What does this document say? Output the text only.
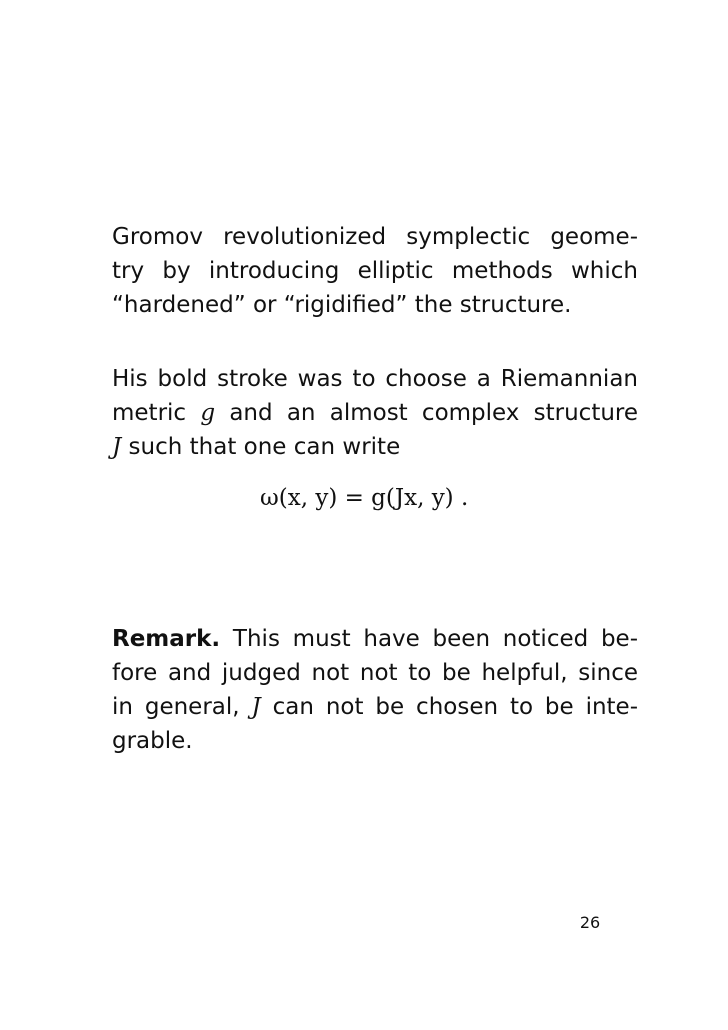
Gromov revolutionized symplectic geome-
try by introducing elliptic methods which
“hardened” or “rigidified” the structure.
His bold stroke was to choose a Riemannian
metric g and an almost complex structure
J such that one can write
ω(x, y) = g(Jx, y) .
Remark. This must have been noticed be-
fore and judged not not to be helpful, since
in general, J can not be chosen to be inte-
grable.
26
